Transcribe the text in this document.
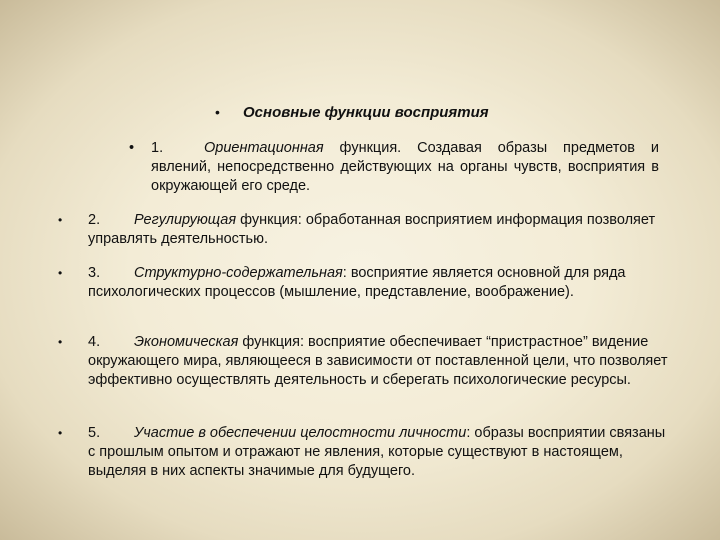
• Основные функции восприятия
• 1.	Ориентационная функция. Создавая образы предметов и явлений, непосредственно действующих на органы чувств, восприятия в окружающей его среде.
• 2. Регулирующая функция: обработанная восприятием информация позволяет управлять деятельностью.
• 3. Структурно-содержательная: восприятие является основной для ряда психологических процессов (мышление, представление, воображение).
• 4. Экономическая функция: восприятие обеспечивает “пристрастное” видение окружающего мира, являющееся в зависимости от поставленной цели, что позволяет эффективно осуществлять деятельность и сберегать психологические ресурсы.
• 5. Участие в обеспечении целостности личности: образы восприятии связаны с прошлым опытом и отражают не явления, которые существуют в настоящем, выделяя в них аспекты значимые для будущего.
